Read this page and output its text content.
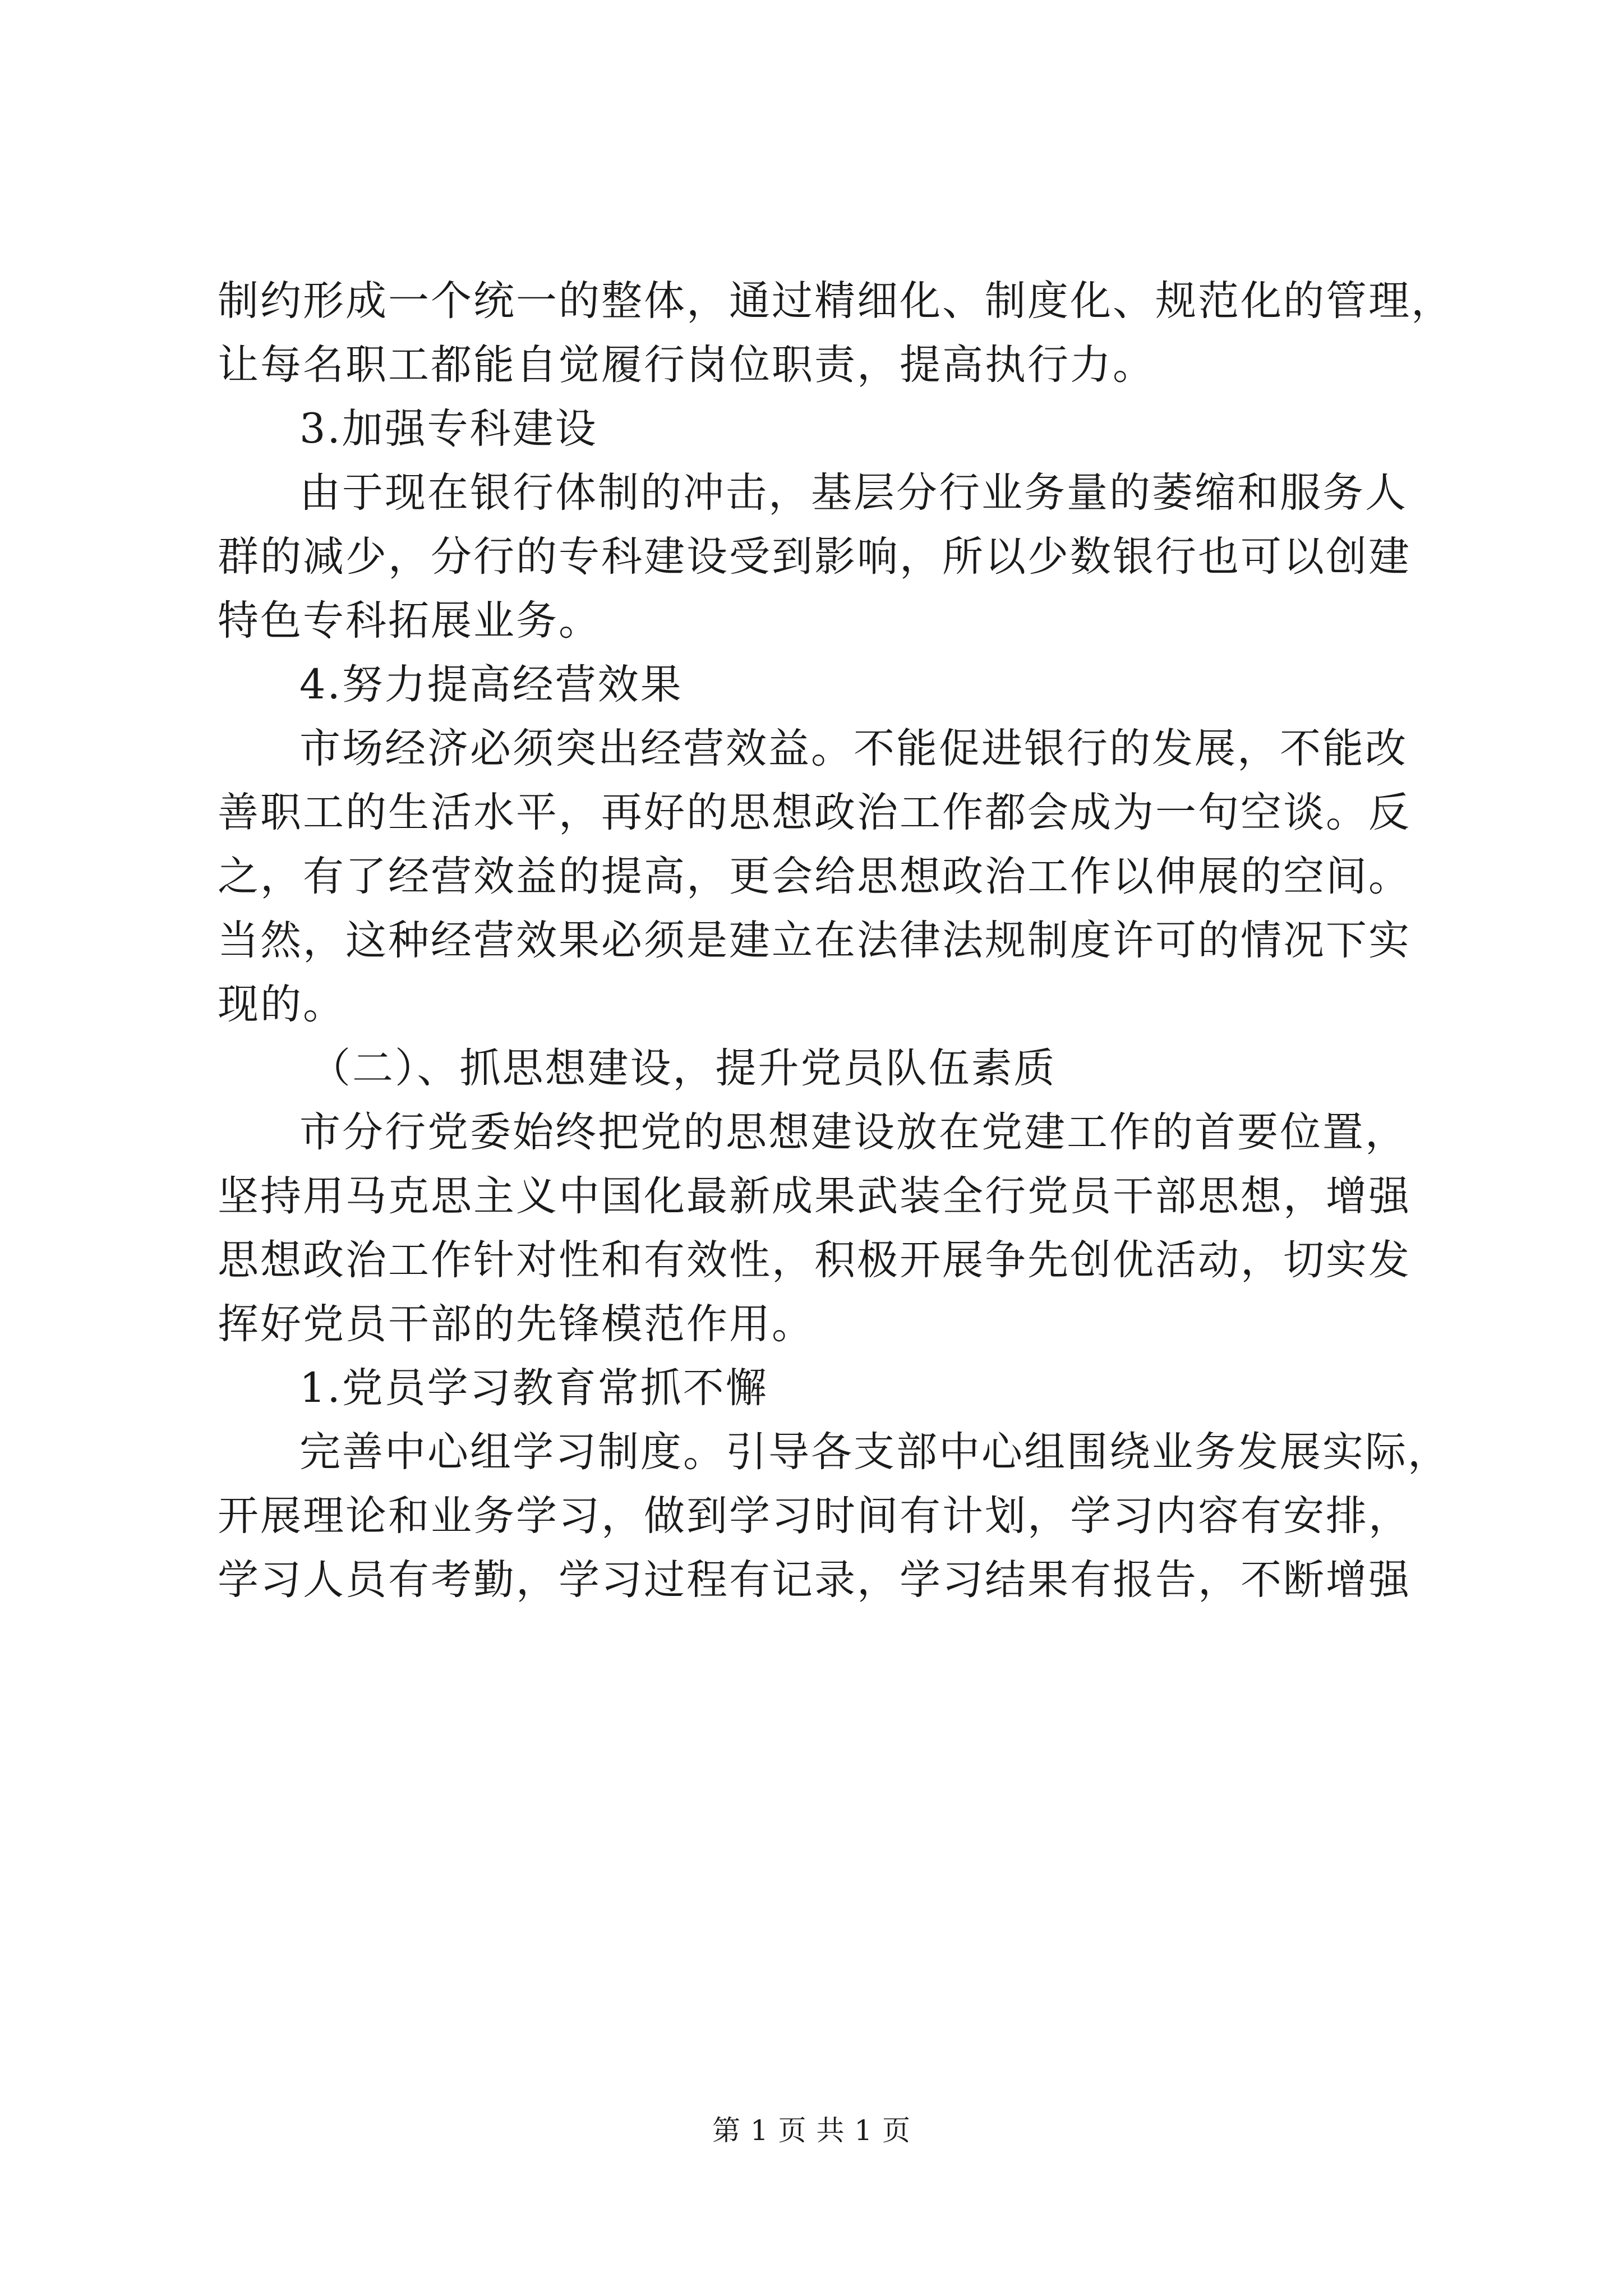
制约形成一个统一的整体，通过精细化、制度化、规范化的管理，
让每名职工都能自觉履行岗位职责，提高执行力。
3.加强专科建设
由于现在银行体制的冲击，基层分行业务量的萎缩和服务人
群的减少，分行的专科建设受到影响，所以少数银行也可以创建
特色专科拓展业务。
4.努力提高经营效果
市场经济必须突出经营效益。不能促进银行的发展，不能改
善职工的生活水平，再好的思想政治工作都会成为一句空谈。反
之，有了经营效益的提高，更会给思想政治工作以伸展的空间。
当然，这种经营效果必须是建立在法律法规制度许可的情况下实
现的。
（二）、抓思想建设，提升党员队伍素质
市分行党委始终把党的思想建设放在党建工作的首要位置，
坚持用马克思主义中国化最新成果武装全行党员干部思想，增强
思想政治工作针对性和有效性，积极开展争先创优活动，切实发
挥好党员干部的先锋模范作用。
1.党员学习教育常抓不懈
完善中心组学习制度。引导各支部中心组围绕业务发展实际，
开展理论和业务学习，做到学习时间有计划，学习内容有安排，
学习人员有考勤，学习过程有记录，学习结果有报告，不断增强
第 1 页 共 1 页
